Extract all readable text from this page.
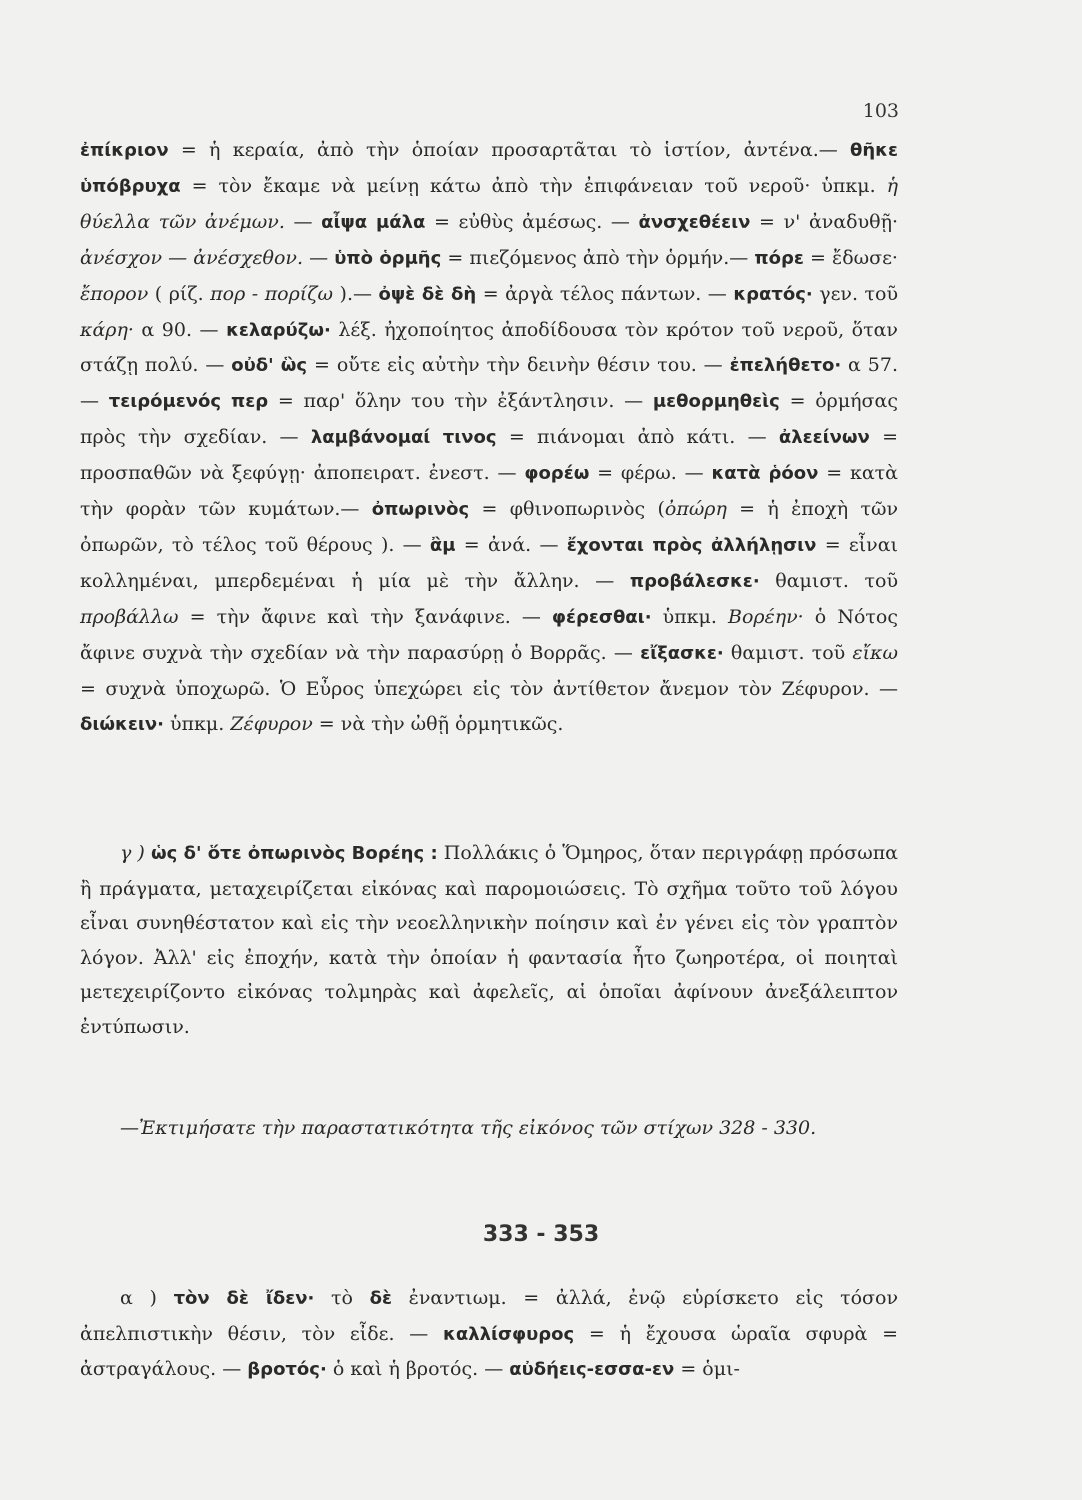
103

ἐπίκριον = ἡ κεραία, ἀπὸ τὴν ὁποίαν προσαρτᾶται τὸ ἱστίον, ἀντένα.— θῆκε ὑπόβρυχα = τὸν ἔκαμε νὰ μείνῃ κάτω ἀπὸ τὴν ἐπιφάνειαν τοῦ νεροῦ· ὑπκμ. ἡ θύελλα τῶν ἀνέμων. — αἶψα μάλα = εὐθὺς ἀμέσως. — ἀνσχεθέειν = ν' ἀναδυθῇ· ἀνέσχον — ἀνέσχεθον. — ὑπὸ ὁρμῆς = πιεζόμενος ἀπὸ τὴν ὁρμήν.— πόρε = ἔδωσε· ἔπορον ( ρίζ. πορ - πορίζω ).— ὀψὲ δὲ δὴ = ἀργὰ τέλος πάντων. — κρατός· γεν. τοῦ κάρη· α 90. — κελαρύζω· λέξ. ἠχοποίητος ἀποδίδουσα τὸν κρότον τοῦ νεροῦ, ὅταν στάζῃ πολύ. — οὐδ' ὣς = οὔτε εἰς αὐτὴν τὴν δεινὴν θέσιν του. — ἐπελήθετο· α 57. — τειρόμενός περ = παρ' ὅλην του τὴν ἐξάντλησιν. — μεθορμηθεὶς = ὁρμήσας πρὸς τὴν σχεδίαν. — λαμβάνομαί τινος = πιάνομαι ἀπὸ κάτι. — ἀλεείνων = προσπαθῶν νὰ ξεφύγῃ· ἀποπειρατ. ἐνεστ. — φορέω = φέρω. — κατὰ ῥόον = κατὰ τὴν φορὰν τῶν κυμάτων.— ὀπωρινὸς = φθινοπωρινὸς (ὀπώρη = ἡ ἐποχὴ τῶν ὀπωρῶν, τὸ τέλος τοῦ θέρους ). — ἂμ = ἀνά. — ἔχονται πρὸς ἀλλήλῃσιν = εἶναι κολλημέναι, μπερδεμέναι ἡ μία μὲ τὴν ἄλλην. — προβάλεσκε· θαμιστ. τοῦ προβάλλω = τὴν ἄφινε καὶ τὴν ξανάφινε. — φέρεσθαι· ὑπκμ. Βορέην· ὁ Νότος ἄφινε συχνὰ τὴν σχεδίαν νὰ τὴν παρασύρῃ ὁ Βορρᾶς. — εἴξασκε· θαμιστ. τοῦ εἴκω = συχνὰ ὑποχωρῶ. Ὁ Εὖρος ὑπεχώρει εἰς τὸν ἀντίθετον ἄνεμον τὸν Ζέφυρον. — διώκειν· ὑπκμ. Ζέφυρον = νὰ τὴν ὠθῇ ὁρμητικῶς.

γ ) ὡς δ' ὅτε ὀπωρινὸς Βορέης : Πολλάκις ὁ Ὅμηρος, ὅταν περιγράφῃ πρόσωπα ἢ πράγματα, μεταχειρίζεται εἰκόνας καὶ παρομοιώσεις. Τὸ σχῆμα τοῦτο τοῦ λόγου εἶναι συνηθέστατον καὶ εἰς τὴν νεοελληνικὴν ποίησιν καὶ ἐν γένει εἰς τὸν γραπτὸν λόγον. Ἀλλ' εἰς ἐποχήν, κατὰ τὴν ὁποίαν ἡ φαντασία ἦτο ζωηροτέρα, οἱ ποιηταὶ μετεχειρίζοντο εἰκόνας τολμηρὰς καὶ ἀφελεῖς, αἱ ὁποῖαι ἀφίνουν ἀνεξάλειπτον ἐντύπωσιν.

—Ἐκτιμήσατε τὴν παραστατικότητα τῆς εἰκόνος τῶν στίχων 328 - 330.

333 - 353

α ) τὸν δὲ ἴδεν· τὸ δὲ ἐναντιωμ. = ἀλλά, ἐνῷ εὑρίσκετο εἰς τόσον ἀπελπιστικὴν θέσιν, τὸν εἶδε. — καλλίσφυρος = ἡ ἔχουσα ὡραῖα σφυρὰ = ἀστραγάλους. — βροτός· ὁ καὶ ἡ βροτός. — αὐδήεις-εσσα-εν = ὁμι-
